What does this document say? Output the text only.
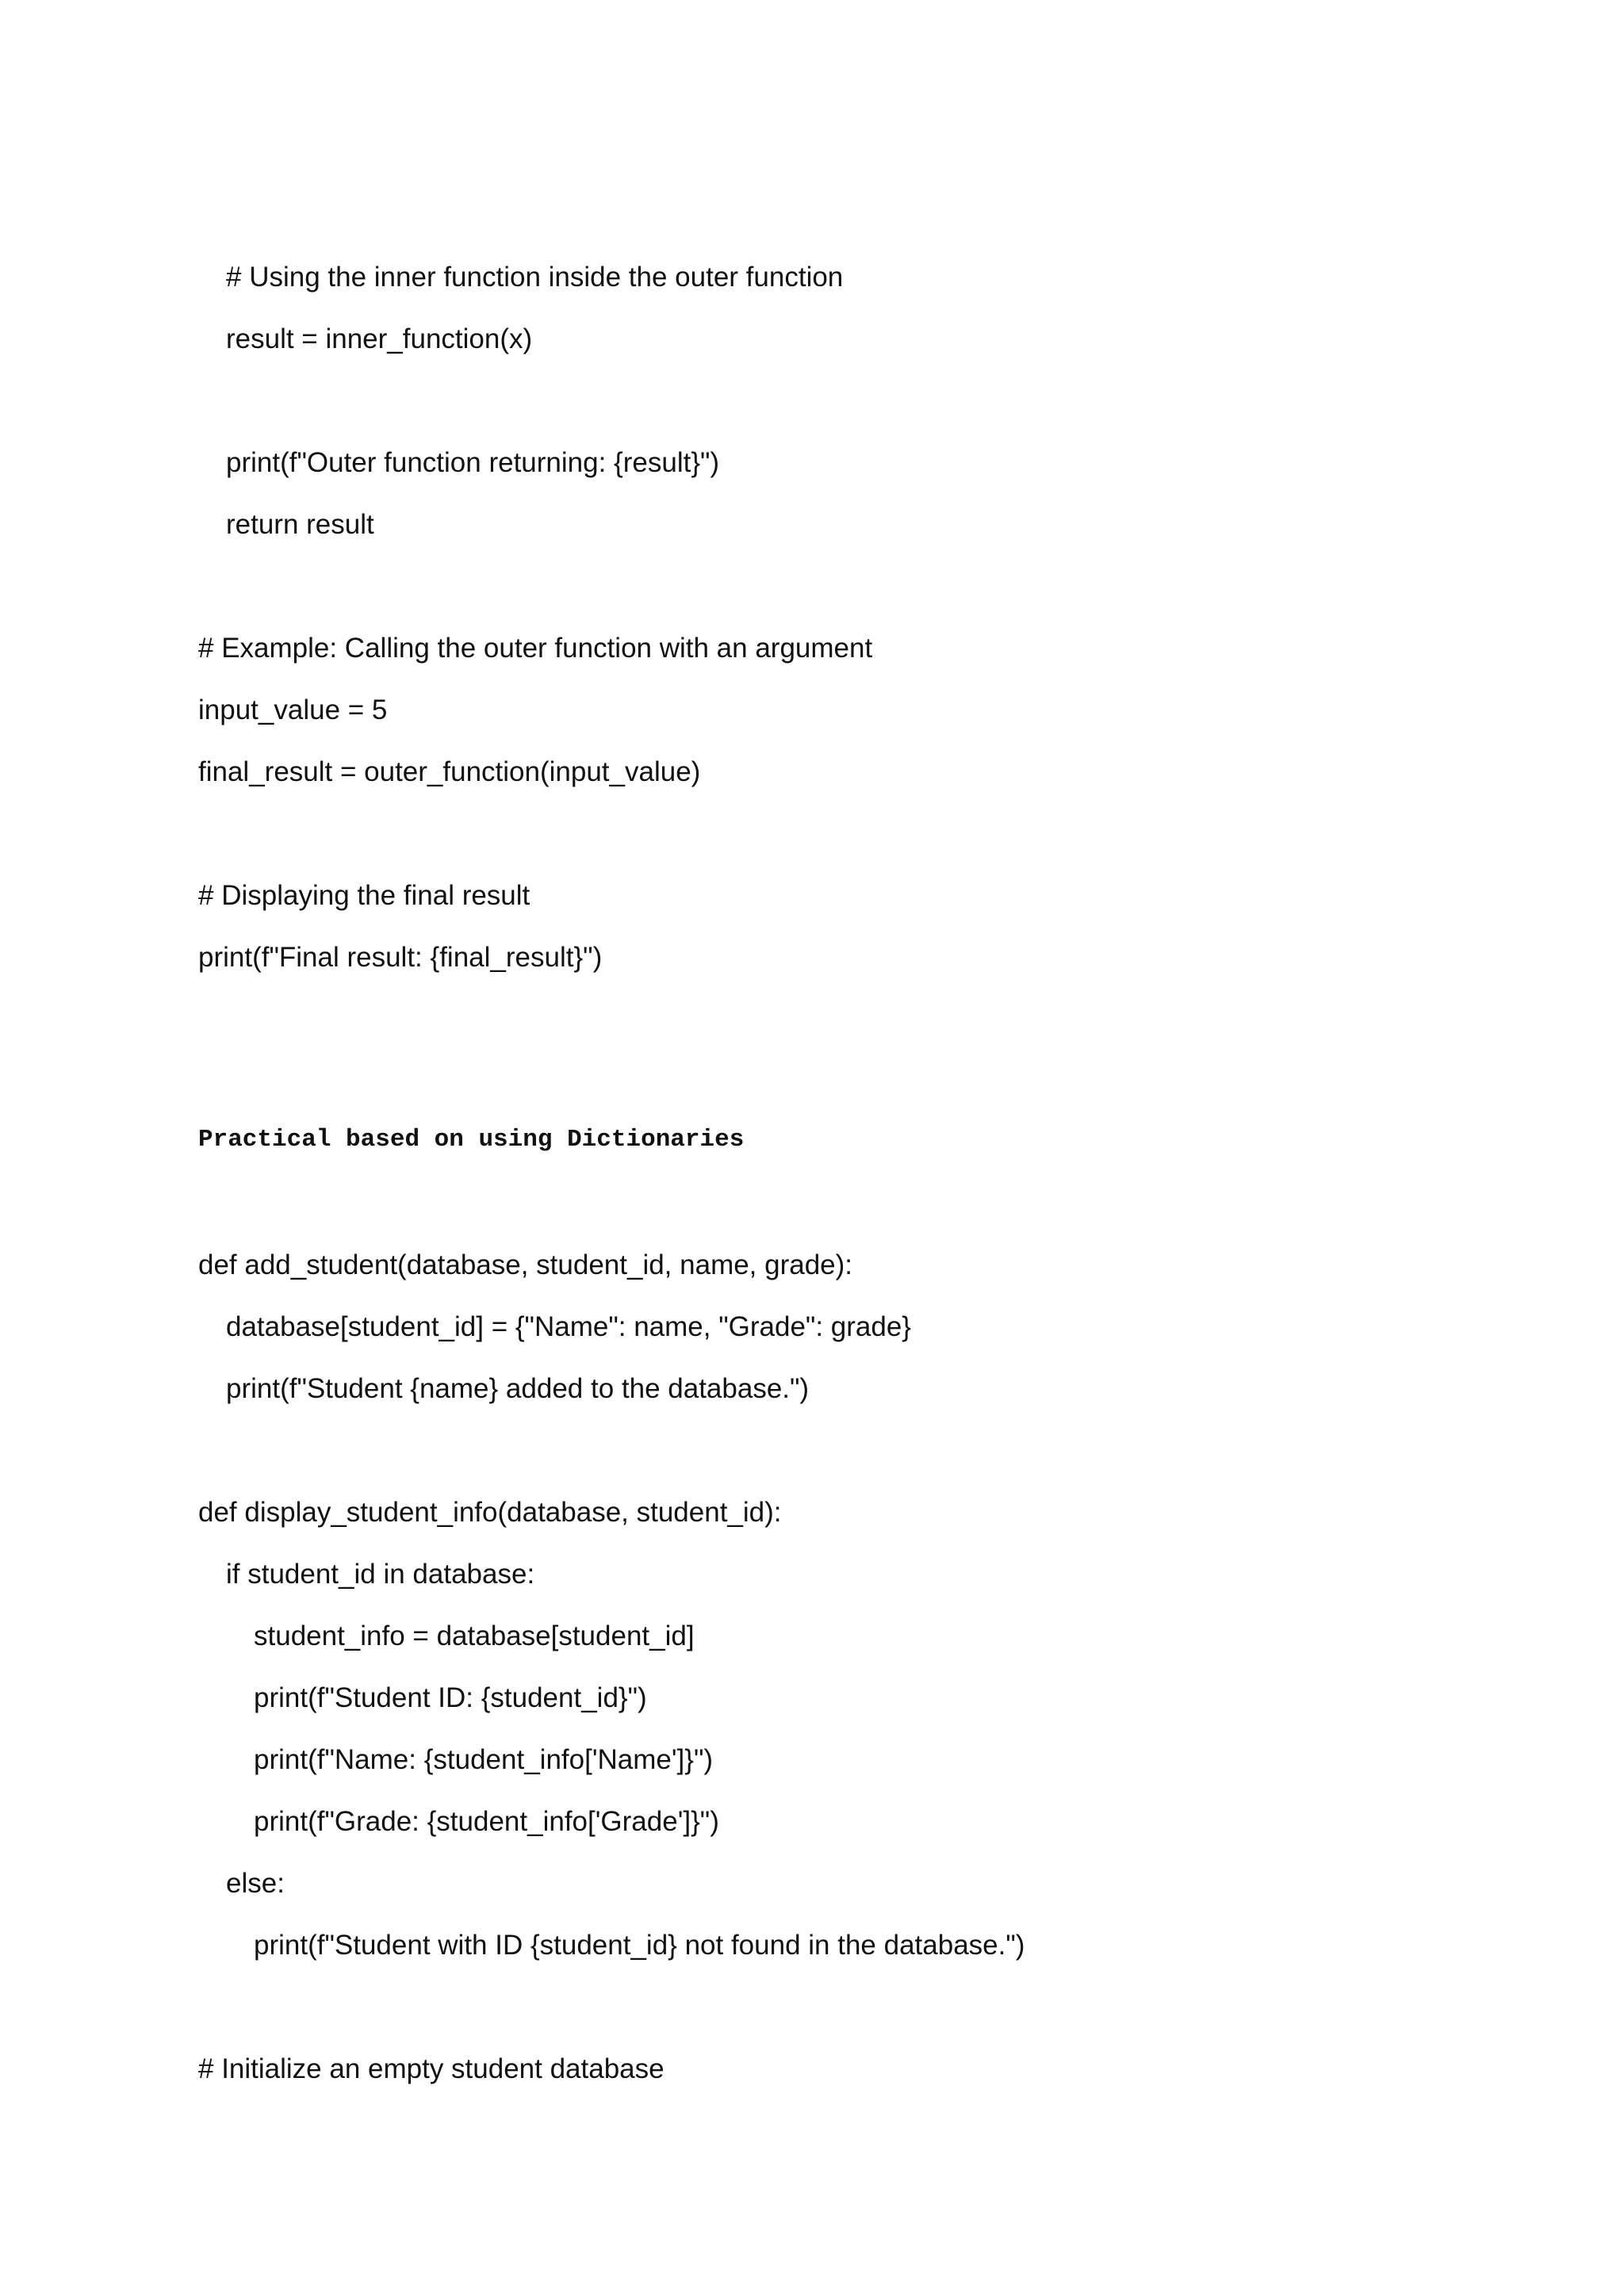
# Using the inner function inside the outer function
result = inner_function(x)
print(f"Outer function returning: {result}")
return result
# Example: Calling the outer function with an argument
input_value = 5
final_result = outer_function(input_value)
# Displaying the final result
print(f"Final result: {final_result}")
Practical based on using Dictionaries
def add_student(database, student_id, name, grade):
database[student_id] = {"Name": name, "Grade": grade}
print(f"Student {name} added to the database.")
def display_student_info(database, student_id):
if student_id in database:
student_info = database[student_id]
print(f"Student ID: {student_id}")
print(f"Name: {student_info['Name']}")
print(f"Grade: {student_info['Grade']}")
else:
print(f"Student with ID {student_id} not found in the database.")
# Initialize an empty student database
